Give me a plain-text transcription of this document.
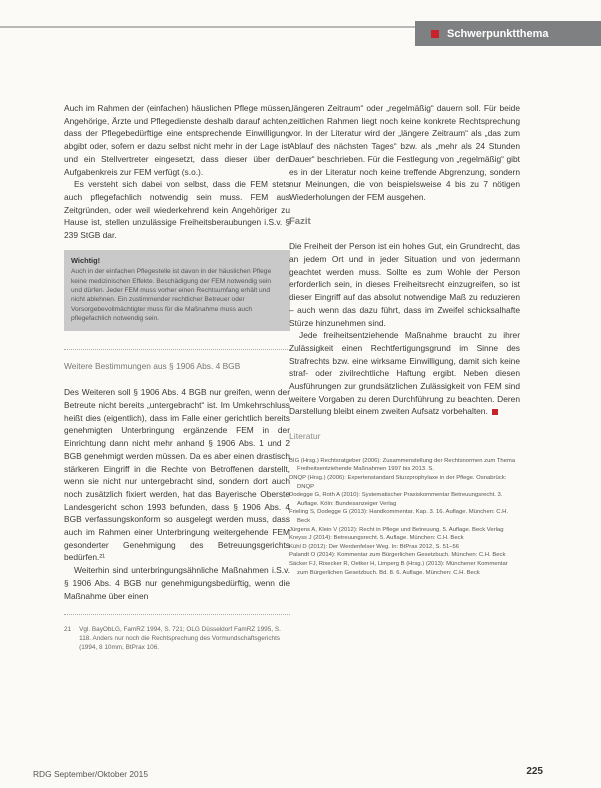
Schwerpunktthema

Auch im Rahmen der (einfachen) häuslichen Pflege müssen Angehörige, Ärzte und Pflegedienste deshalb darauf achten, dass der Pflegebedürftige eine entsprechende Einwilligung abgibt oder, sofern er dazu selbst nicht mehr in der Lage ist und ein Stellvertreter eingesetzt, dass dieser über den Aufgabenkreis zur FEM verfügt (s.o.).

Es versteht sich dabei von selbst, dass die FEM stets auch pflegefachlich notwendig sein muss. FEM aus Zeitgründen, oder weil wiederkehrend kein Angehöriger zu Hause ist, stellen unzulässige Freiheitsberaubungen i.S.v. § 239 StGB dar.

Wichtig!
Auch in der einfachen Pflegestelle ist davon in der häuslichen Pflege keine medizinischen Effekte. Beschädigung der FEM notwendig sein und dürfen. Jeder FEM muss vorher einen Rechtsumfang erhält und nicht ablehnen. Ein zustimmender rechtlicher Betreuer oder Vorsorgebevollmächtigter muss für die Maßnahme muss auch pflegefachlich notwendig sein.
Weitere Bestimmungen aus § 1906 Abs. 4 BGB

Des Weiteren soll § 1906 Abs. 4 BGB nur greifen, wenn der Betreute nicht bereits „untergebracht“ ist. Im Umkehrschluss heißt dies (eigentlich), dass im Falle einer gerichtlich bereits genehmigten Unterbringung ergänzende FEM in der Einrichtung dann nicht mehr anhand § 1906 Abs. 1 und 2 BGB genehmigt werden müssen. Da es aber einen drastisch stärkeren Eingriff in die Rechte von Betroffenen darstellt, wenn sie nicht nur untergebracht sind, sondern dort auch noch zusätzlich fixiert werden, hat das Bayerische Oberste Landesgericht schon 1993 befunden, dass § 1906 Abs. 4 BGB verfassungskonform so ausgelegt werden muss, dass auch im Rahmen einer Unterbringung weitergehende FEM gesonderter Genehmigung des Betreuungsgerichts bedürfen.²¹

Weiterhin sind unterbringungsähnliche Maßnahmen i.S.v. § 1906 Abs. 4 BGB nur genehmigungsbedürftig, wenn die Maßnahme über einen

21 Vgl. BayObLG, FamRZ 1994, S. 721; OLG Düsseldorf FamRZ 1995, S. 118. Anders nur noch die Rechtsprechung des Vormundschaftsgerichts (1994, 8 10mm, BtPrax 106.

„längeren Zeitraum“ oder „regelmäßig“ dauern soll. Für beide zeitlichen Rahmen liegt noch keine konkrete Rechtsprechung vor. In der Literatur wird der „längere Zeitraum“ als „das zum Ablauf des nächsten Tages“ bzw. als „mehr als 24 Stunden Dauer“ beschrieben. Für die Festlegung von „regelmäßig“ gibt es in der Literatur noch keine treffende Abgrenzung, sondern nur Meinungen, die von beispielsweise 4 bis zu 7 nötigen Wiederholungen der FEM ausgehen.

Fazit

Die Freiheit der Person ist ein hohes Gut, ein Grundrecht, das an jedem Ort und in jeder Situation und von jedermann geachtet werden muss. Sollte es zum Wohle der Person erforderlich sein, in dieses Freiheitsrecht einzugreifen, so ist dieser Eingriff auf das absolut notwendige Maß zu reduzieren – auch wenn das dazu führt, dass im Zweifel schicksalhafte Stürze hinzunehmen sind.

Jede freiheitsentziehende Maßnahme braucht zu ihrer Zulässigkeit einen Rechtfertigungsgrund im Sinne des Strafrechts bzw. eine wirksame Einwilligung, damit sich keine straf- oder zivilrechtliche Haftung ergibt. Neben diesen Ausführungen zur grundsätzlichen Zulässigkeit von FEM sind weitere Vorgaben zu deren Durchführung zu beachten. Deren Darstellung bleibt einem zweiten Aufsatz vorbehalten.

Literatur
BIG (Hrsg.) Rechtsratgeber (2006): Zusammenstellung der Rechtsnormen zum Thema Freiheitsentziehende Maßnahmen 1997 bis 2013. S.
DNQP (Hrsg.) (2006): Expertenstandard Sturzprophylaxe in der Pflege. Osnabrück: DNQP
Dodegge G, Roth A (2010): Systematischer Praxiskommentar Betreuungsrecht. 3. Auflage. Köln: Bundesanzeiger Verlag
Frieling S, Dodegge G (2013): Handkommentar. Kap. 3. 16. Auflage. München: C.H. Beck
Jürgens A, Klein V (2012): Recht in Pflege und Betreuung. 5. Auflage. Beck Verlag
Kreyss J (2014): Betreuungsrecht. 5. Auflage. München: C.H. Beck
Kühl D (2012): Der Werdenfelser Weg. In: BtPrax 2012, S. 51–56
Palandt O (2014): Kommentar zum Bürgerlichen Gesetzbuch. München: C.H. Beck
Säcker FJ, Rixecker R, Oetker H, Limperg B (Hrsg.) (2013): Münchener Kommentar zum Bürgerlichen Gesetzbuch. Bd. 8. 6. Auflage. München: C.H. Beck
RDG September/Oktober 2015	225
